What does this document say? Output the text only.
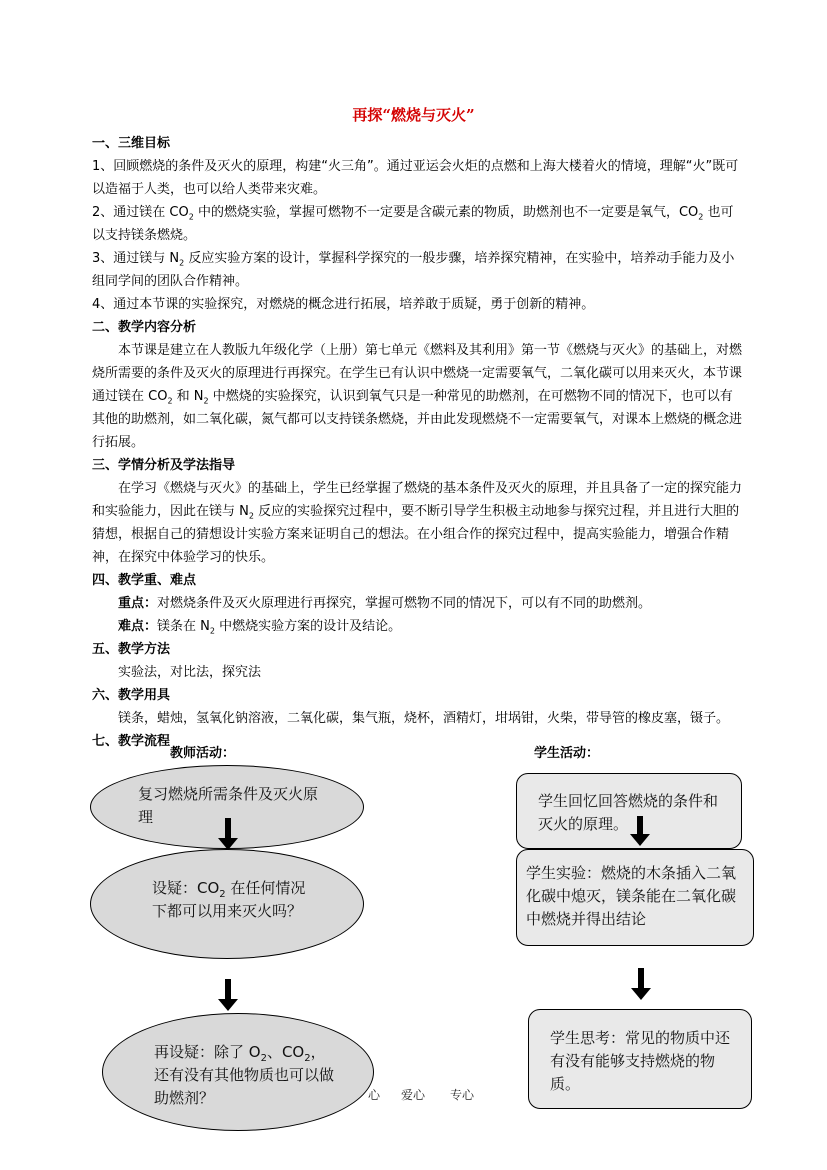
再探“燃烧与灭火”
一、三维目标

1、回顾燃烧的条件及灭火的原理，构建“火三角”。通过亚运会火炬的点燃和上海大楼着火的情境，理解“火”既可以造福于人类，也可以给人类带来灾难。

2、通过镁在 $CO_2$ 中的燃烧实验，掌握可燃物不一定要是含碳元素的物质，助燃剂也不一定要是氧气，$CO_2$ 也可以支持镁条燃烧。

3、通过镁与 $N_2$ 反应实验方案的设计，掌握科学探究的一般步骤，培养探究精神，在实验中，培养动手能力及小组同学间的团队合作精神。

4、通过本节课的实验探究，对燃烧的概念进行拓展，培养敢于质疑，勇于创新的精神。

二、教学内容分析

本节课是建立在人教版九年级化学（上册）第七单元《燃料及其利用》第一节《燃烧与灭火》的基础上，对燃烧所需要的条件及灭火的原理进行再探究。在学生已有认识中燃烧一定需要氧气，二氧化碳可以用来灭火，本节课通过镁在 $CO_2$ 和 $N_2$ 中燃烧的实验探究，认识到氧气只是一种常见的助燃剂，在可燃物不同的情况下，也可以有其他的助燃剂，如二氧化碳，氮气都可以支持镁条燃烧，并由此发现燃烧不一定需要氧气，对课本上燃烧的概念进行拓展。

三、学情分析及学法指导

在学习《燃烧与灭火》的基础上，学生已经掌握了燃烧的基本条件及灭火的原理，并且具备了一定的探究能力和实验能力，因此在镁与 $N_2$ 反应的实验探究过程中，要不断引导学生积极主动地参与探究过程，并且进行大胆的猜想，根据自己的猜想设计实验方案来证明自己的想法。在小组合作的探究过程中，提高实验能力，增强合作精神，在探究中体验学习的快乐。

四、教学重、难点

重点：对燃烧条件及灭火原理进行再探究，掌握可燃物不同的情况下，可以有不同的助燃剂。

难点：镁条在 $N_2$ 中燃烧实验方案的设计及结论。

五、教学方法

实验法，对比法，探究法

六、教学用具

镁条，蜡烛，氢氧化钠溶液，二氧化碳，集气瓶，烧杯，酒精灯，坩埚钳，火柴，带导管的橡皮塞，镊子。

七、教学流程
教师活动：	学生活动：
复习燃烧所需条件及灭火原理
设疑：$CO_2$ 在任何情况下都可以用来灭火吗？
再设疑：除了 $O_2$、$CO_2$，还有没有其他物质也可以做助燃剂？
学生回忆回答燃烧的条件和灭火的原理。
学生实验：燃烧的木条插入二氧化碳中熄灭，镁条能在二氧化碳中燃烧并得出结论
学生思考：常见的物质中还有没有能够支持燃烧的物质。
心 爱心 专心
